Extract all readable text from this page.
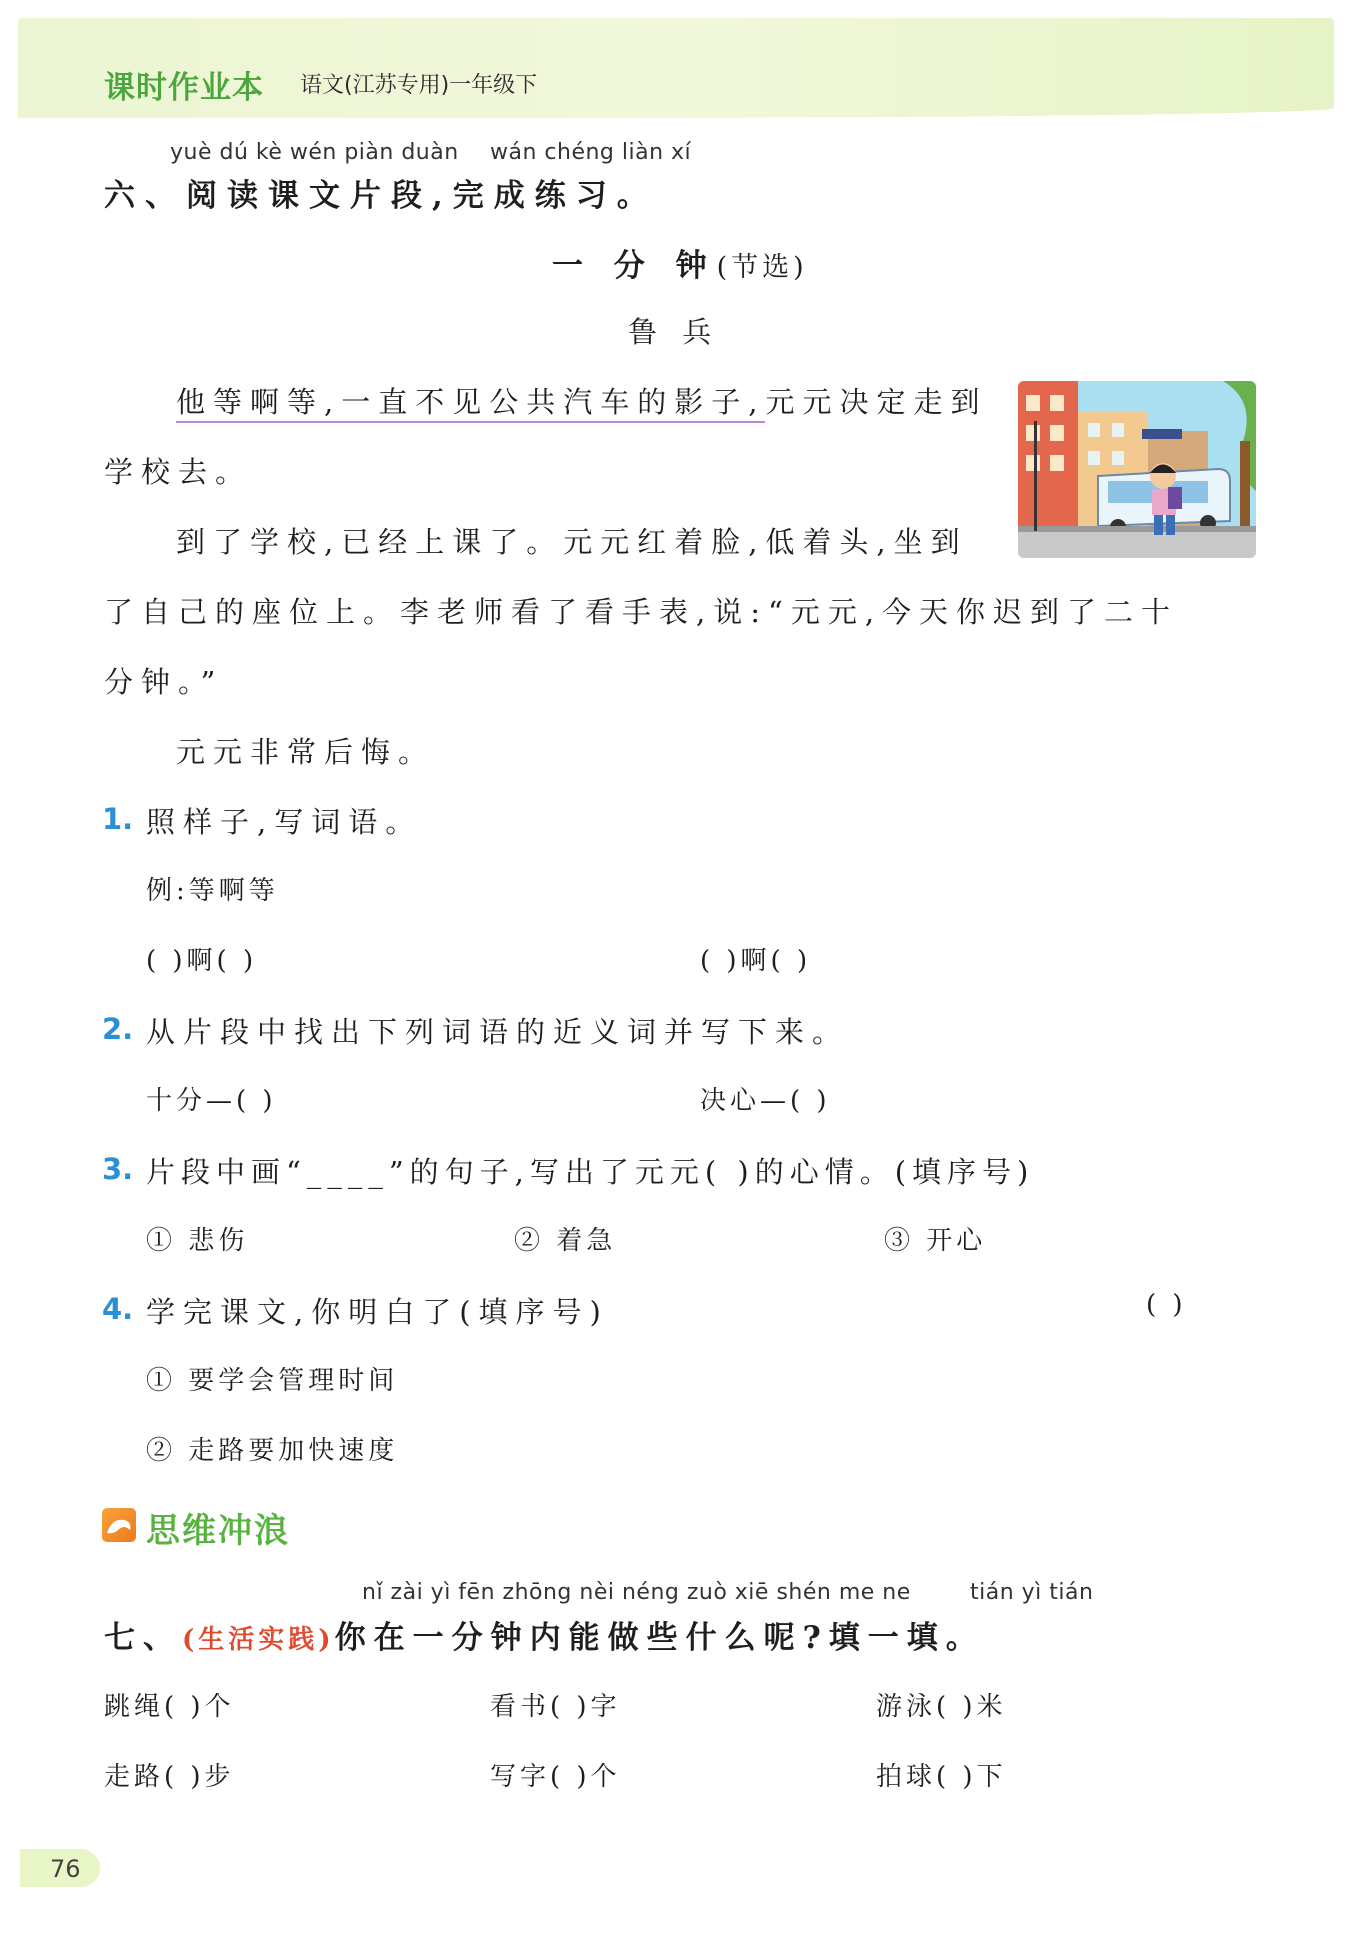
课时作业本 语文(江苏专用)一年级下
yuè dú kè wén piàn duàn wán chéng liàn xí
六、阅读课文片段,完成练习。
一 分 钟(节选)
鲁 兵
他等啊等,一直不见公共汽车的影子,元元决定走到
学校去。
到了学校,已经上课了。元元红着脸,低着头,坐到
了自己的座位上。李老师看了看手表,说:“元元,今天你迟到了二十
分钟。”
元元非常后悔。
1. 照样子,写词语。
例:等啊等
( )啊( )	( )啊( )
2. 从片段中找出下列词语的近义词并写下来。
十分—( )	决心—( )
3. 片段中画“____”的句子,写出了元元( )的心情。(填序号)
① 悲伤	② 着急	③ 开心
4. 学完课文,你明白了(填序号)	( )
① 要学会管理时间
② 走路要加快速度
思维冲浪
nǐ zài yì fēn zhōng nèi néng zuò xiē shén me ne	tián yì tián
七、(生活实践)你在一分钟内能做些什么呢?填一填。
跳绳( )个	看书( )字	游泳( )米
走路( )步	写字( )个	拍球( )下
76
